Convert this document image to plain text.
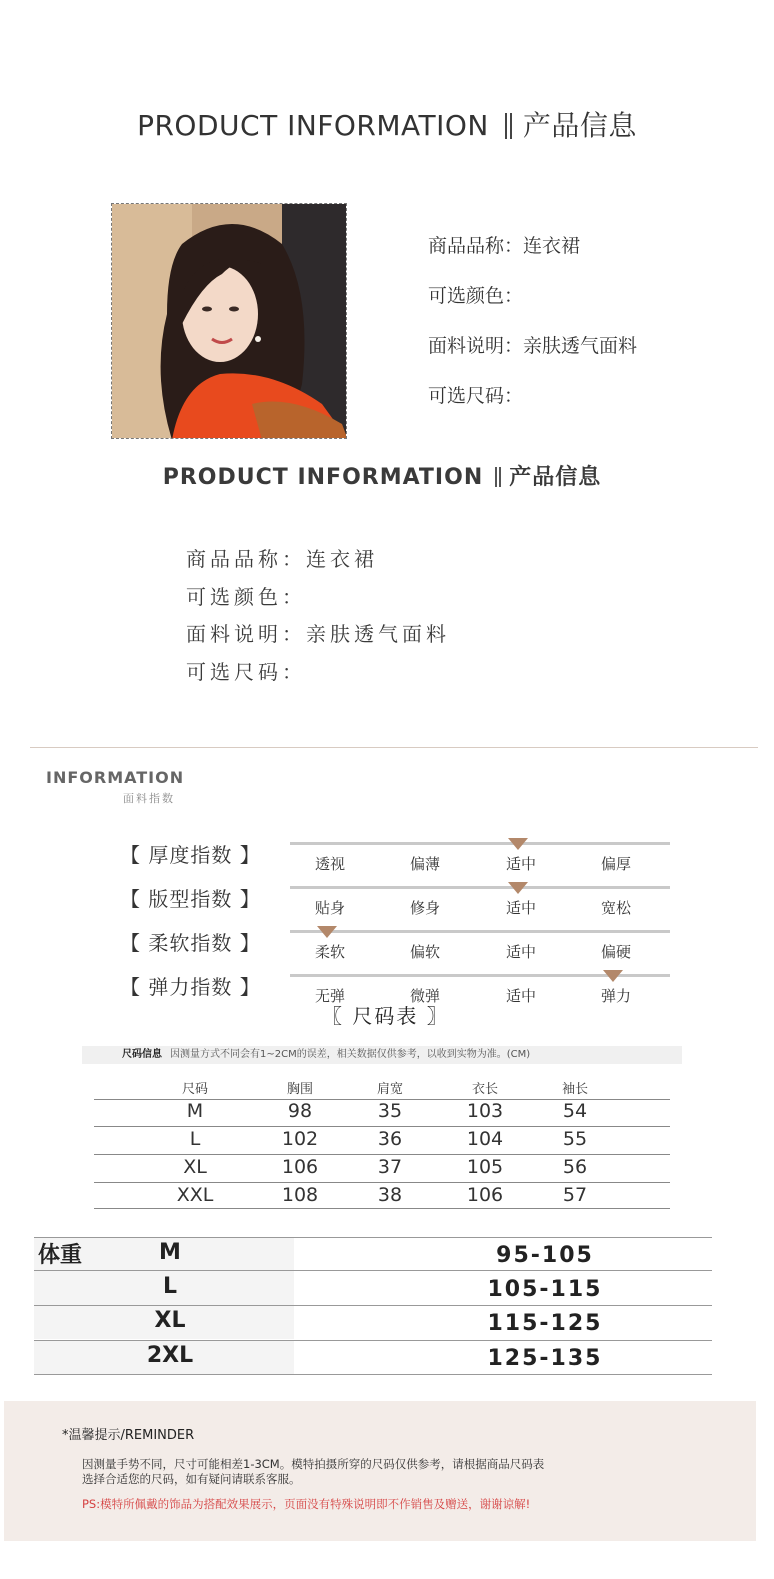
PRODUCT INFORMATION 产品信息
商品品称：连衣裙
可选颜色：
面料说明：亲肤透气面料
可选尺码：
PRODUCT INFORMATION 产品信息
商品品称：连衣裙
可选颜色：
面料说明：亲肤透气面料
可选尺码：
INFORMATION
面料指数
【 厚度指数 】	透视	偏薄	适中	偏厚
【 版型指数 】	贴身	修身	适中	宽松
【 柔软指数 】	柔软	偏软	适中	偏硬
【 弹力指数 】	无弹	微弹	适中	弹力
〖 尺码表 〗
尺码信息 因测量方式不同会有1~2CM的误差，相关数据仅供参考，以收到实物为准。(CM)
尺码	胸围	肩宽	衣长	袖长
M	98	35	103	54
L	102	36	104	55
XL	106	37	105	56
XXL	108	38	106	57
体重	M	95-105
L	105-115
XL	115-125
2XL	125-135
*温馨提示/REMINDER
因测量手势不同，尺寸可能相差1-3CM。模特拍摄所穿的尺码仅供参考，请根据商品尺码表
选择合适您的尺码，如有疑问请联系客服。
PS:模特所佩戴的饰品为搭配效果展示，页面没有特殊说明即不作销售及赠送，谢谢谅解!
